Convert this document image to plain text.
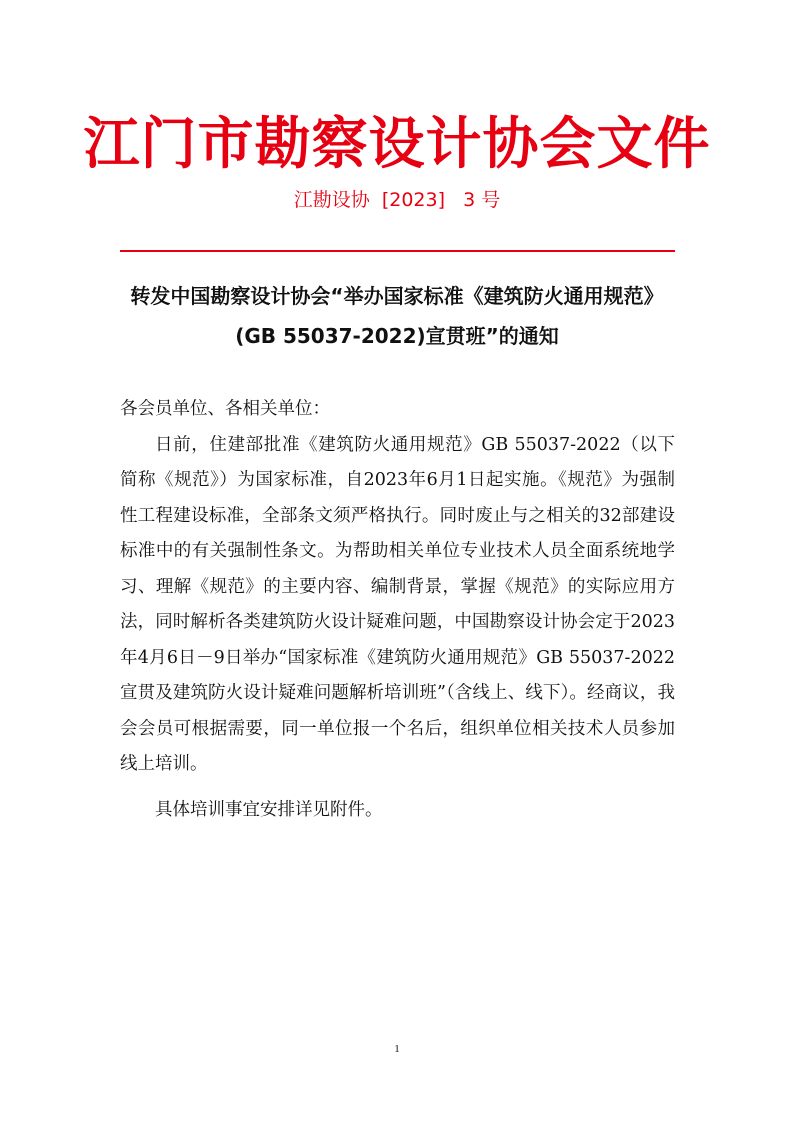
江门市勘察设计协会文件
江勘设协  [2023]   3 号
转发中国勘察设计协会“举办国家标准《建筑防火通用规范》
(GB 55037-2022)宣贯班”的通知

各会员单位、各相关单位：

日前，住建部批准《建筑防火通用规范》GB 55037-2022（以下简称《规范》）为国家标准，自2023年6月1日起实施。《规范》为强制性工程建设标准，全部条文须严格执行。同时废止与之相关的32部建设标准中的有关强制性条文。为帮助相关单位专业技术人员全面系统地学习、理解《规范》的主要内容、编制背景，掌握《规范》的实际应用方法，同时解析各类建筑防火设计疑难问题，中国勘察设计协会定于2023年4月6日－9日举办“国家标准《建筑防火通用规范》GB 55037-2022宣贯及建筑防火设计疑难问题解析培训班”（含线上、线下）。经商议，我会会员可根据需要，同一单位报一个名后，组织单位相关技术人员参加线上培训。

具体培训事宜安排详见附件。

1
